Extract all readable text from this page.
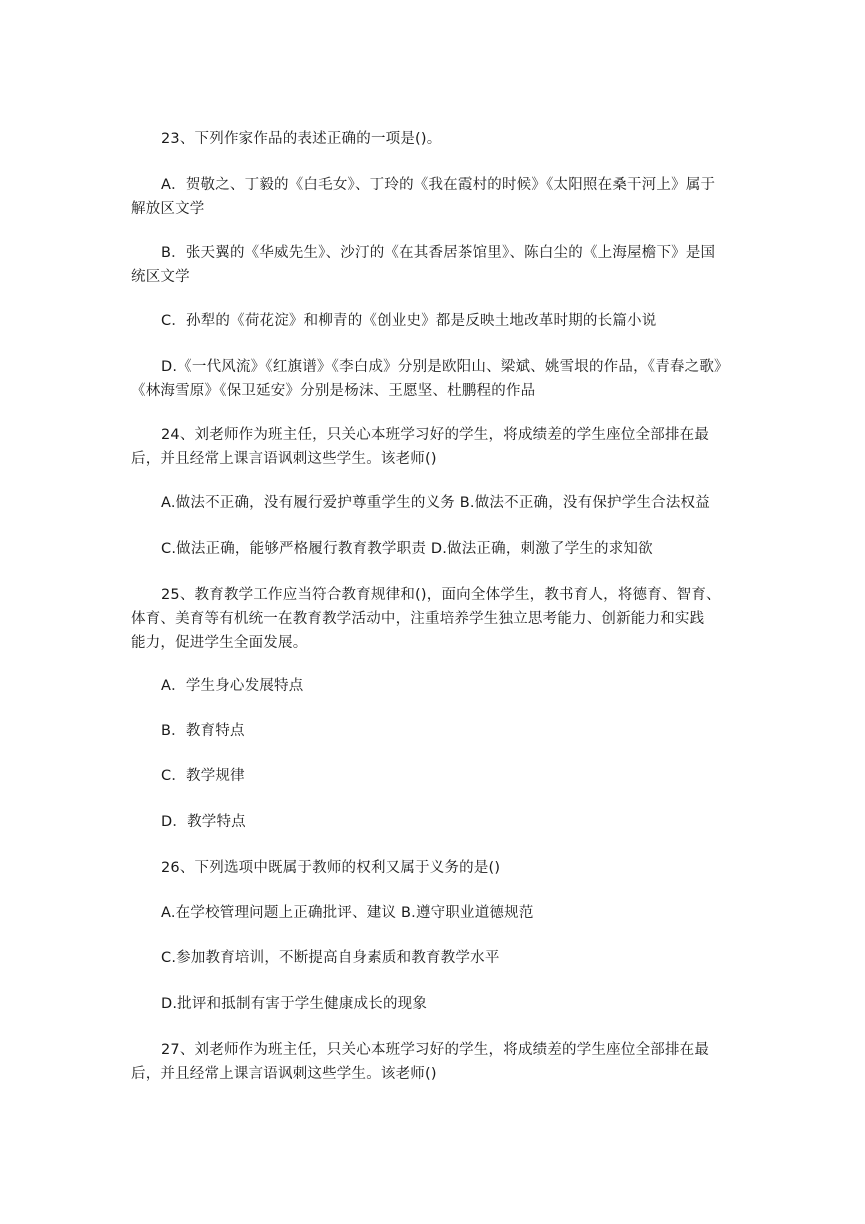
23、下列作家作品的表述正确的一项是()。

A．贺敬之、丁毅的《白毛女》、丁玲的《我在霞村的时候》《太阳照在桑干河上》属于
解放区文学

B．张天翼的《华威先生》、沙汀的《在其香居茶馆里》、陈白尘的《上海屋檐下》是国
统区文学

C．孙犁的《荷花淀》和柳青的《创业史》都是反映土地改革时期的长篇小说

D.《一代风流》《红旗谱》《李白成》分别是欧阳山、梁斌、姚雪垠的作品，《青春之歌》
《林海雪原》《保卫延安》分别是杨沫、王愿坚、杜鹏程的作品

24、刘老师作为班主任，只关心本班学习好的学生，将成绩差的学生座位全部排在最
后，并且经常上课言语讽刺这些学生。该老师()

A.做法不正确，没有履行爱护尊重学生的义务 B.做法不正确，没有保护学生合法权益

C.做法正确，能够严格履行教育教学职责 D.做法正确，刺激了学生的求知欲

25、教育教学工作应当符合教育规律和()，面向全体学生，教书育人，将德育、智育、
体育、美育等有机统一在教育教学活动中，注重培养学生独立思考能力、创新能力和实践
能力，促进学生全面发展。

A．学生身心发展特点

B．教育特点

C．教学规律

D．教学特点

26、下列选项中既属于教师的权利又属于义务的是()

A.在学校管理问题上正确批评、建议 B.遵守职业道德规范

C.参加教育培训，不断提高自身素质和教育教学水平

D.批评和抵制有害于学生健康成长的现象

27、刘老师作为班主任，只关心本班学习好的学生，将成绩差的学生座位全部排在最
后，并且经常上课言语讽刺这些学生。该老师()
